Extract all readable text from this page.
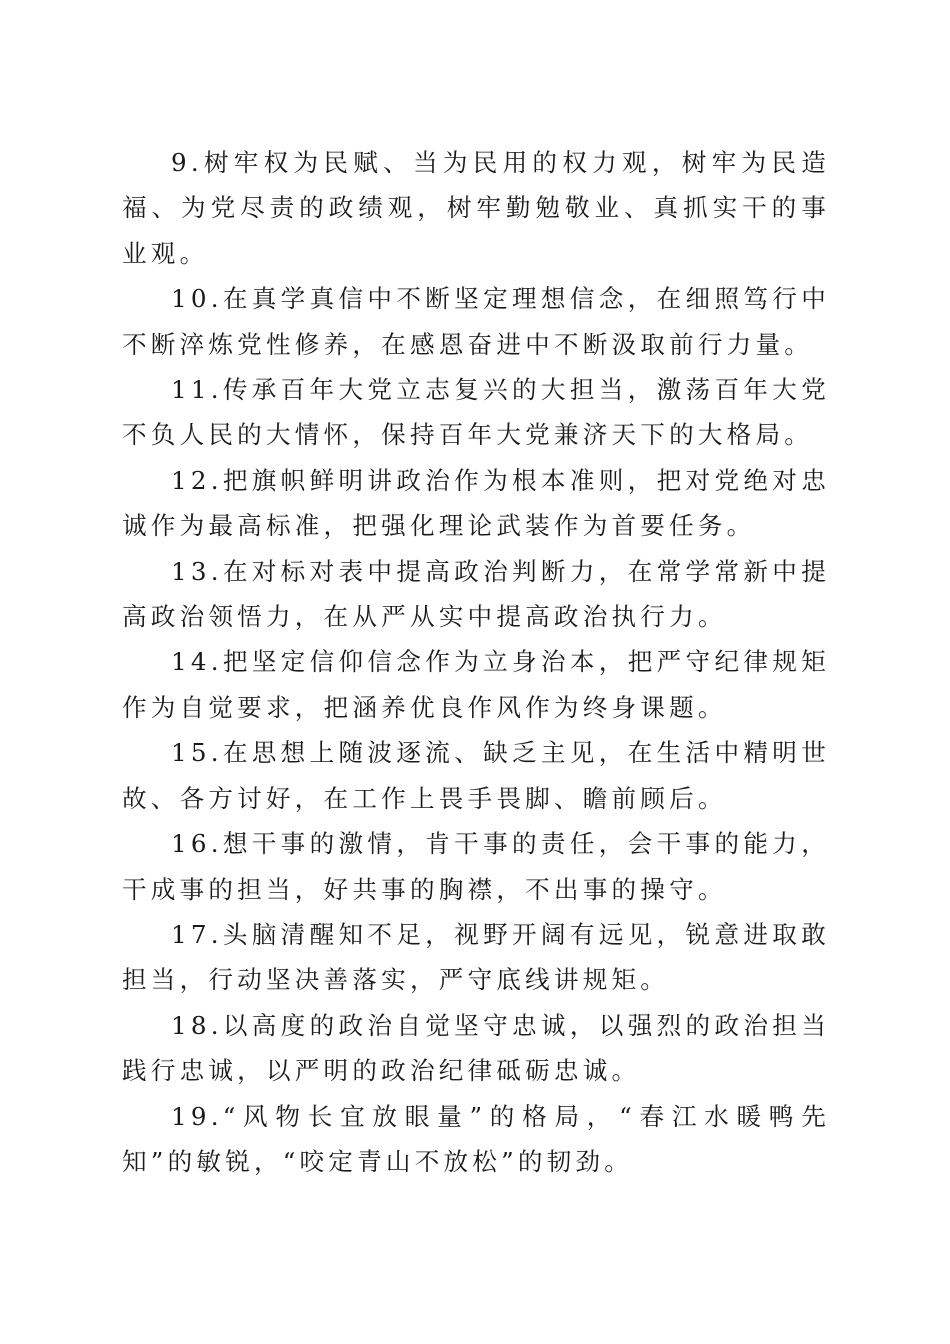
9.树牢权为民赋、当为民用的权力观，树牢为民造福、为党尽责的政绩观，树牢勤勉敬业、真抓实干的事业观。

10.在真学真信中不断坚定理想信念，在细照笃行中不断淬炼党性修养，在感恩奋进中不断汲取前行力量。

11.传承百年大党立志复兴的大担当，激荡百年大党不负人民的大情怀，保持百年大党兼济天下的大格局。

12.把旗帜鲜明讲政治作为根本准则，把对党绝对忠诚作为最高标准，把强化理论武装作为首要任务。

13.在对标对表中提高政治判断力，在常学常新中提高政治领悟力，在从严从实中提高政治执行力。

14.把坚定信仰信念作为立身治本，把严守纪律规矩作为自觉要求，把涵养优良作风作为终身课题。

15.在思想上随波逐流、缺乏主见，在生活中精明世故、各方讨好，在工作上畏手畏脚、瞻前顾后。

16.想干事的激情，肯干事的责任，会干事的能力，干成事的担当，好共事的胸襟，不出事的操守。

17.头脑清醒知不足，视野开阔有远见，锐意进取敢担当，行动坚决善落实，严守底线讲规矩。

18.以高度的政治自觉坚守忠诚，以强烈的政治担当践行忠诚，以严明的政治纪律砥砺忠诚。

19.“风物长宜放眼量”的格局，“春江水暖鸭先知”的敏锐，“咬定青山不放松”的韧劲。
